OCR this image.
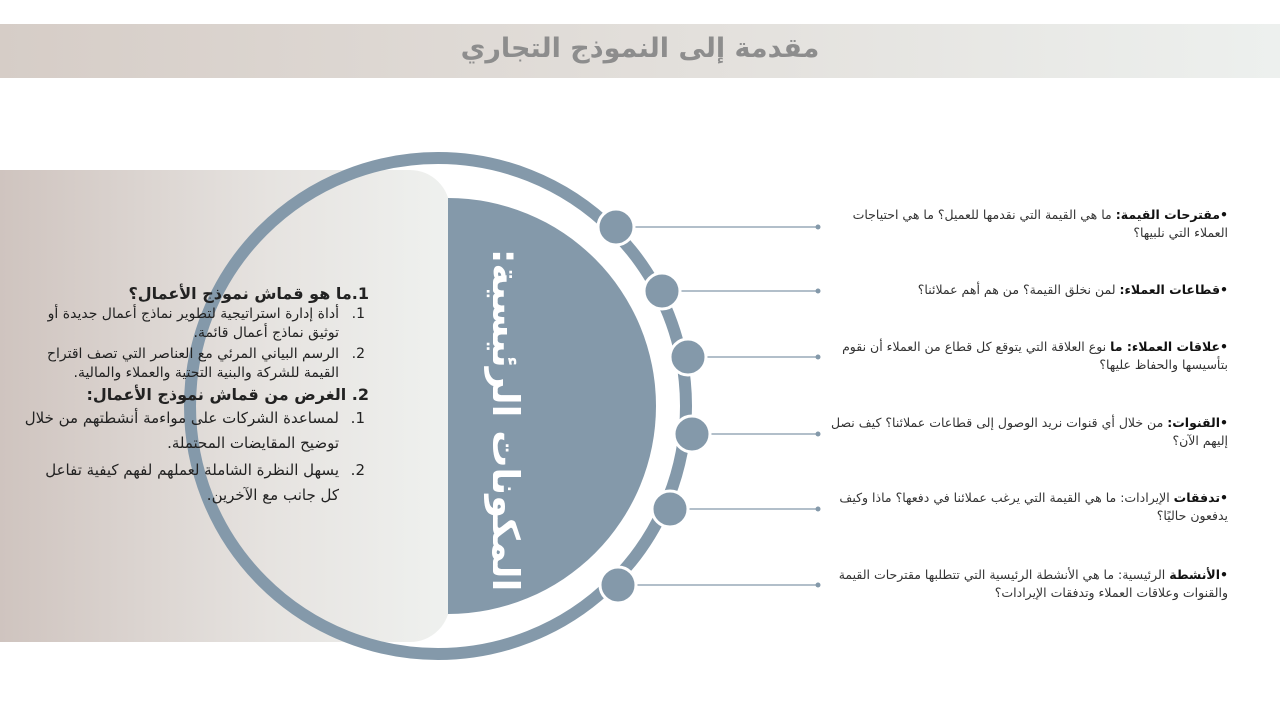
مقدمة إلى النموذج التجاري
المكونات الرئيسية:
1.ما هو قماش نموذج الأعمال؟
1.
أداة إدارة استراتيجية لتطوير نماذج أعمال جديدة أو توثيق نماذج أعمال قائمة.
2.
الرسم البياني المرئي مع العناصر التي تصف اقتراح القيمة للشركة والبنية التحتية والعملاء والمالية.
2. الغرض من قماش نموذج الأعمال:
1.
لمساعدة الشركات على مواءمة أنشطتهم من خلال توضيح المقايضات المحتملة.
2.
يسهل النظرة الشاملة لعملهم لفهم كيفية تفاعل كل جانب مع الآخرين.
•مقترحات القيمة: ما هي القيمة التي نقدمها للعميل؟ ما هي احتياجات العملاء التي نلبيها؟
•قطاعات العملاء: لمن نخلق القيمة؟ من هم أهم عملائنا؟
•علاقات العملاء: ما نوع العلاقة التي يتوقع كل قطاع من العملاء أن نقوم بتأسيسها والحفاظ عليها؟
•القنوات: من خلال أي قنوات نريد الوصول إلى قطاعات عملائنا؟ كيف نصل إليهم الآن؟
•تدفقات الإيرادات: ما هي القيمة التي يرغب عملائنا في دفعها؟ ماذا وكيف يدفعون حاليًا؟
•الأنشطة الرئيسية: ما هي الأنشطة الرئيسية التي تتطلبها مقترحات القيمة والقنوات وعلاقات العملاء وتدفقات الإيرادات؟
